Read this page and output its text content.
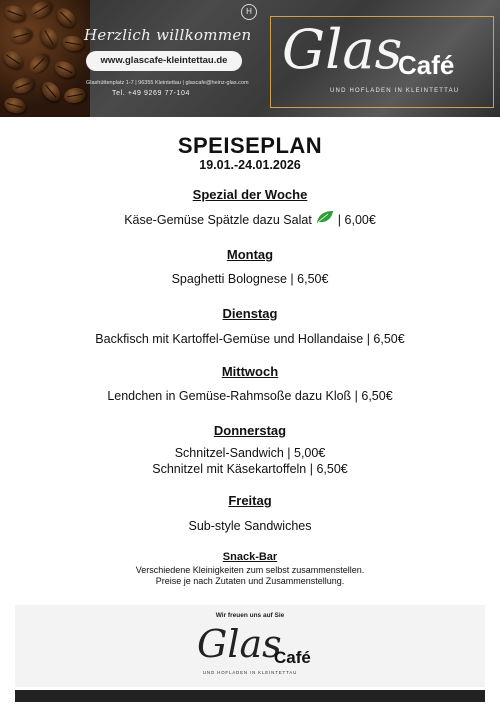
H
Herzlich willkommen
www.glascafe-kleintettau.de
Glashüttenplatz 1-7 | 96355 Kleintettau | glascafe@heinz-glas.com
Tel. +49 9269 77-104
Glas
Café
UND HOFLADEN IN KLEINTETTAU
SPEISEPLAN
19.01.-24.01.2026
Spezial der Woche
Käse-Gemüse Spätzle dazu Salat | 6,00€
Montag
Spaghetti Bolognese | 6,50€
Dienstag
Backfisch mit Kartoffel-Gemüse und Hollandaise | 6,50€
Mittwoch
Lendchen in Gemüse-Rahmsoße dazu Kloß | 6,50€
Donnerstag
Schnitzel-Sandwich | 5,00€
Schnitzel mit Käsekartoffeln | 6,50€
Freitag
Sub-style Sandwiches
Snack-Bar
Verschiedene Kleinigkeiten zum selbst zusammenstellen.
Preise je nach Zutaten und Zusammenstellung.
Wir freuen uns auf Sie
Glas
Café
UND HOFLADEN IN KLEINTETTAU
